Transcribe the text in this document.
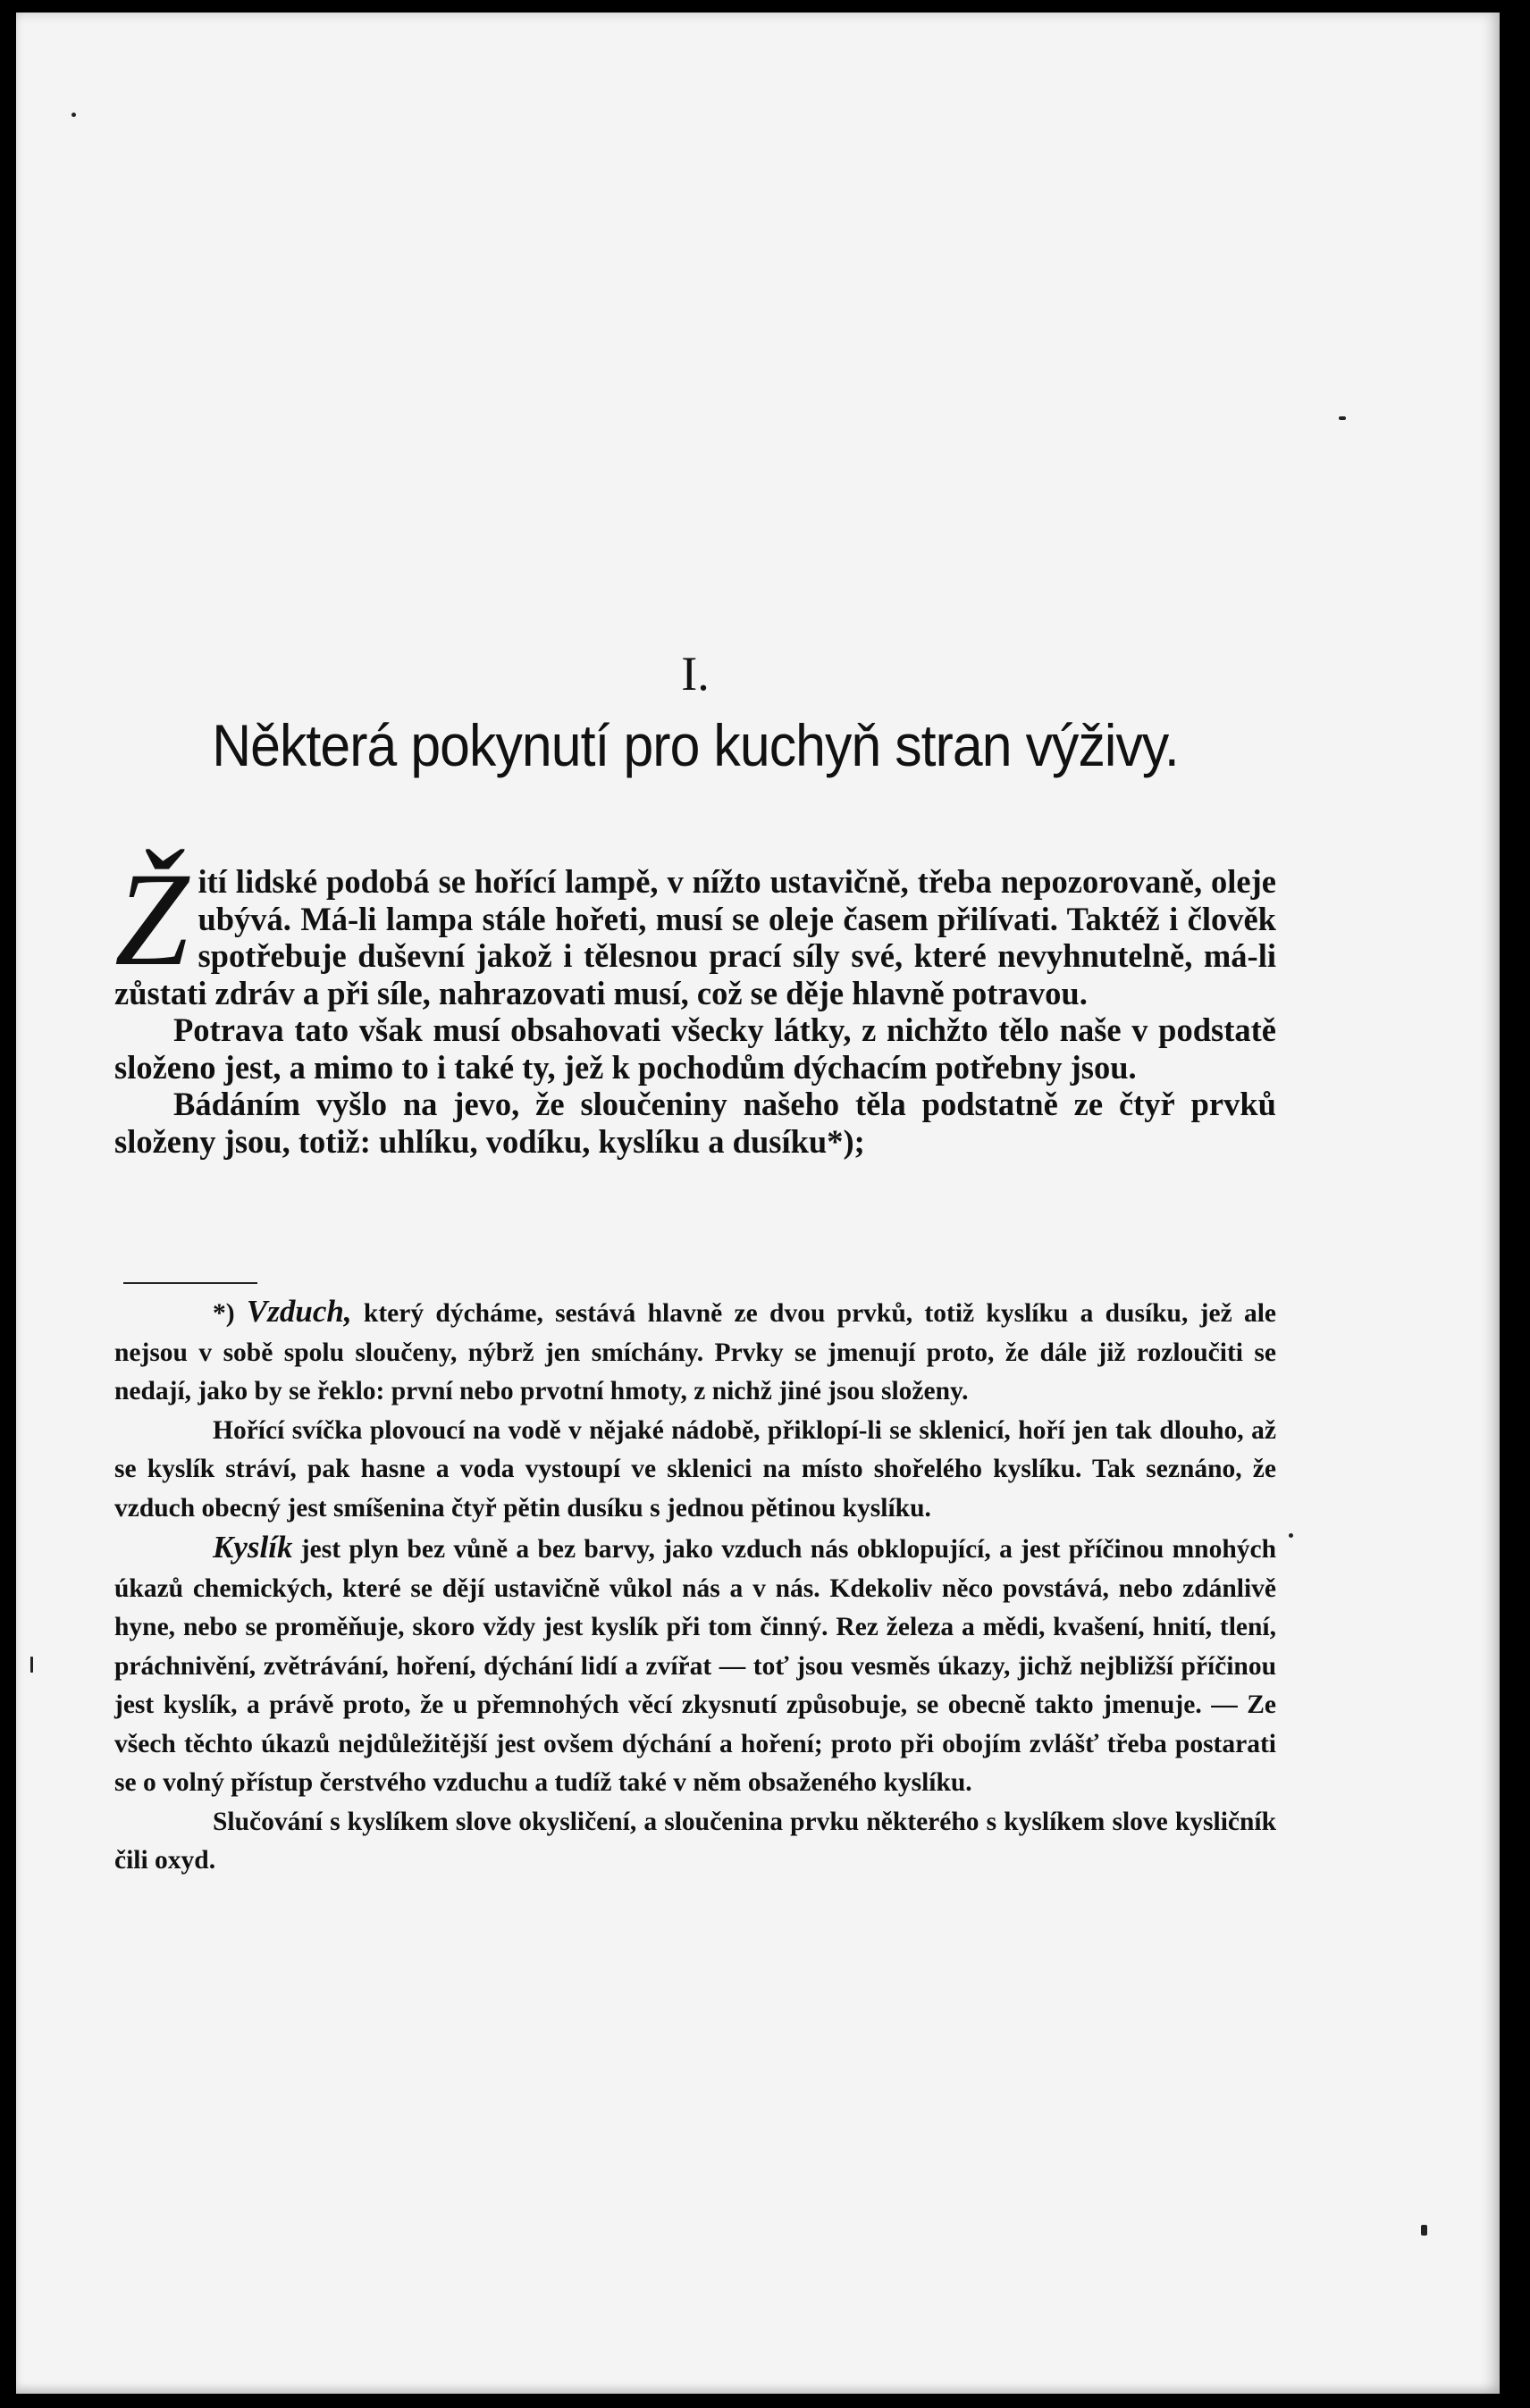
I.
Některá pokynutí pro kuchyň stran výživy.

Žití lidské podobá se hořící lampě, v nížto ustavičně, třeba nepozorovaně, oleje ubývá. Má-li lampa stále hořeti, musí se oleje časem přilívati. Taktéž i člověk spotřebuje duševní jakož i tělesnou prací síly své, které nevyhnutelně, má-li zůstati zdráv a při síle, nahrazovati musí, což se děje hlavně potravou.

Potrava tato však musí obsahovati všecky látky, z nichžto tělo naše v podstatě složeno jest, a mimo to i také ty, jež k pochodům dýchacím potřebny jsou.

Bádáním vyšlo na jevo, že sloučeniny našeho těla podstatně ze čtyř prvků složeny jsou, totiž: uhlíku, vodíku, kyslíku a dusíku*);

*) Vzduch, který dýcháme, sestává hlavně ze dvou prvků, totiž kyslíku a dusíku, jež ale nejsou v sobě spolu sloučeny, nýbrž jen smíchány. Prvky se jmenují proto, že dále již rozloučiti se nedají, jako by se řeklo: první nebo prvotní hmoty, z nichž jiné jsou složeny.

Hořící svíčka plovoucí na vodě v nějaké nádobě, přiklopí-li se sklenicí, hoří jen tak dlouho, až se kyslík stráví, pak hasne a voda vystoupí ve sklenici na místo shořelého kyslíku. Tak seznáno, že vzduch obecný jest smíšenina čtyř pětin dusíku s jednou pětinou kyslíku.

Kyslík jest plyn bez vůně a bez barvy, jako vzduch nás obklopující, a jest příčinou mnohých úkazů chemických, které se dějí ustavičně vůkol nás a v nás. Kdekoliv něco povstává, nebo zdánlivě hyne, nebo se proměňuje, skoro vždy jest kyslík při tom činný. Rez železa a mědi, kvašení, hnití, tlení, práchnivění, zvětrávání, hoření, dýchání lidí a zvířat — toť jsou vesměs úkazy, jichž nejbližší příčinou jest kyslík, a právě proto, že u přemnohých věcí zkysnutí způsobuje, se obecně takto jmenuje. — Ze všech těchto úkazů nejdůležitější jest ovšem dýchání a hoření; proto při obojím zvlášť třeba postarati se o volný přístup čerstvého vzduchu a tudíž také v něm obsaženého kyslíku.

Slučování s kyslíkem slove okysličení, a sloučenina prvku některého s kyslíkem slove kysličník čili oxyd.
